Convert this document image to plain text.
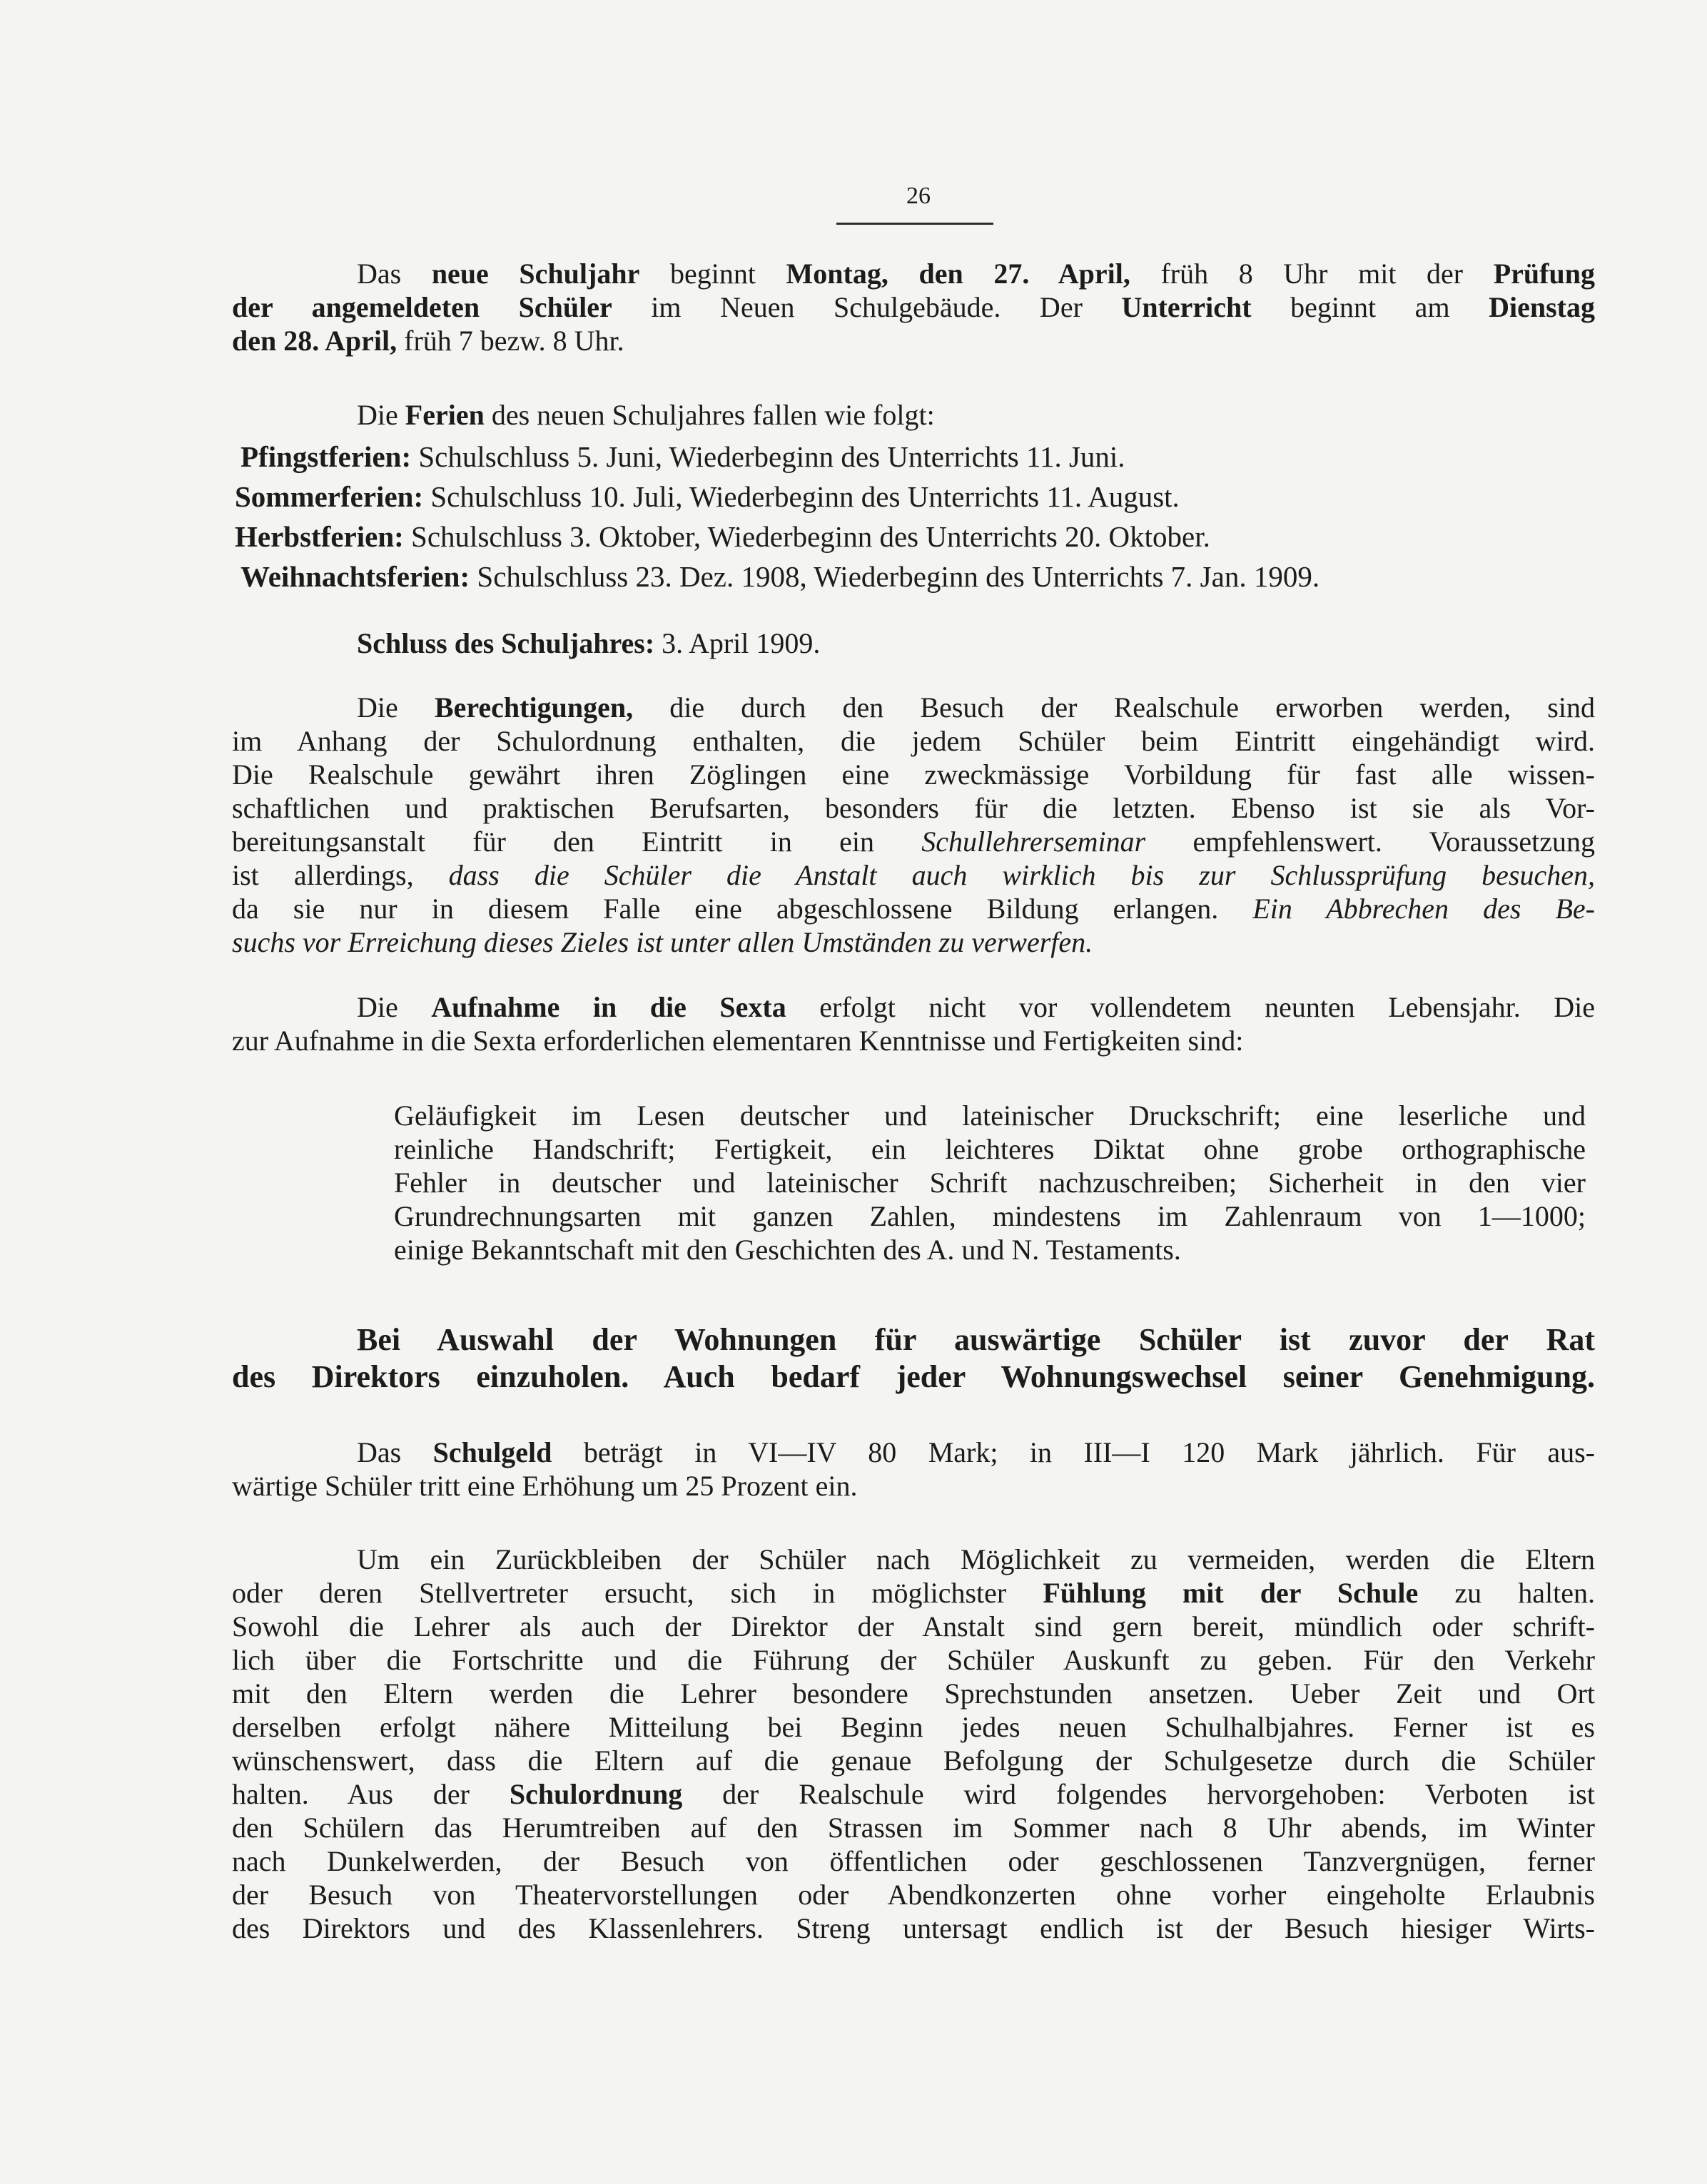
26
Das neue Schuljahr beginnt Montag, den 27. April, früh 8 Uhr mit der Prüfung
der angemeldeten Schüler im Neuen Schulgebäude. Der Unterricht beginnt am Dienstag
den 28. April, früh 7 bezw. 8 Uhr.
Die Ferien des neuen Schuljahres fallen wie folgt:
Pfingstferien: Schulschluss 5. Juni, Wiederbeginn des Unterrichts 11. Juni.
Sommerferien: Schulschluss 10. Juli, Wiederbeginn des Unterrichts 11. August.
Herbstferien: Schulschluss 3. Oktober, Wiederbeginn des Unterrichts 20. Oktober.
Weihnachtsferien: Schulschluss 23. Dez. 1908, Wiederbeginn des Unterrichts 7. Jan. 1909.
Schluss des Schuljahres: 3. April 1909.
Die Berechtigungen, die durch den Besuch der Realschule erworben werden, sind
im Anhang der Schulordnung enthalten, die jedem Schüler beim Eintritt eingehändigt wird.
Die Realschule gewährt ihren Zöglingen eine zweckmässige Vorbildung für fast alle wissen-
schaftlichen und praktischen Berufsarten, besonders für die letzten. Ebenso ist sie als Vor-
bereitungsanstalt für den Eintritt in ein Schullehrerseminar empfehlenswert. Voraussetzung
ist allerdings, dass die Schüler die Anstalt auch wirklich bis zur Schlussprüfung besuchen,
da sie nur in diesem Falle eine abgeschlossene Bildung erlangen. Ein Abbrechen des Be-
suchs vor Erreichung dieses Zieles ist unter allen Umständen zu verwerfen.
Die Aufnahme in die Sexta erfolgt nicht vor vollendetem neunten Lebensjahr. Die
zur Aufnahme in die Sexta erforderlichen elementaren Kenntnisse und Fertigkeiten sind:
Geläufigkeit im Lesen deutscher und lateinischer Druckschrift; eine leserliche und
reinliche Handschrift; Fertigkeit, ein leichteres Diktat ohne grobe orthographische
Fehler in deutscher und lateinischer Schrift nachzuschreiben; Sicherheit in den vier
Grundrechnungsarten mit ganzen Zahlen, mindestens im Zahlenraum von 1—1000;
einige Bekanntschaft mit den Geschichten des A. und N. Testaments.
Bei Auswahl der Wohnungen für auswärtige Schüler ist zuvor der Rat
des Direktors einzuholen. Auch bedarf jeder Wohnungswechsel seiner Genehmigung.
Das Schulgeld beträgt in VI—IV 80 Mark; in III—I 120 Mark jährlich. Für aus-
wärtige Schüler tritt eine Erhöhung um 25 Prozent ein.
Um ein Zurückbleiben der Schüler nach Möglichkeit zu vermeiden, werden die Eltern
oder deren Stellvertreter ersucht, sich in möglichster Fühlung mit der Schule zu halten.
Sowohl die Lehrer als auch der Direktor der Anstalt sind gern bereit, mündlich oder schrift-
lich über die Fortschritte und die Führung der Schüler Auskunft zu geben. Für den Verkehr
mit den Eltern werden die Lehrer besondere Sprechstunden ansetzen. Ueber Zeit und Ort
derselben erfolgt nähere Mitteilung bei Beginn jedes neuen Schulhalbjahres. Ferner ist es
wünschenswert, dass die Eltern auf die genaue Befolgung der Schulgesetze durch die Schüler
halten. Aus der Schulordnung der Realschule wird folgendes hervorgehoben: Verboten ist
den Schülern das Herumtreiben auf den Strassen im Sommer nach 8 Uhr abends, im Winter
nach Dunkelwerden, der Besuch von öffentlichen oder geschlossenen Tanzvergnügen, ferner
der Besuch von Theatervorstellungen oder Abendkonzerten ohne vorher eingeholte Erlaubnis
des Direktors und des Klassenlehrers. Streng untersagt endlich ist der Besuch hiesiger Wirts-
